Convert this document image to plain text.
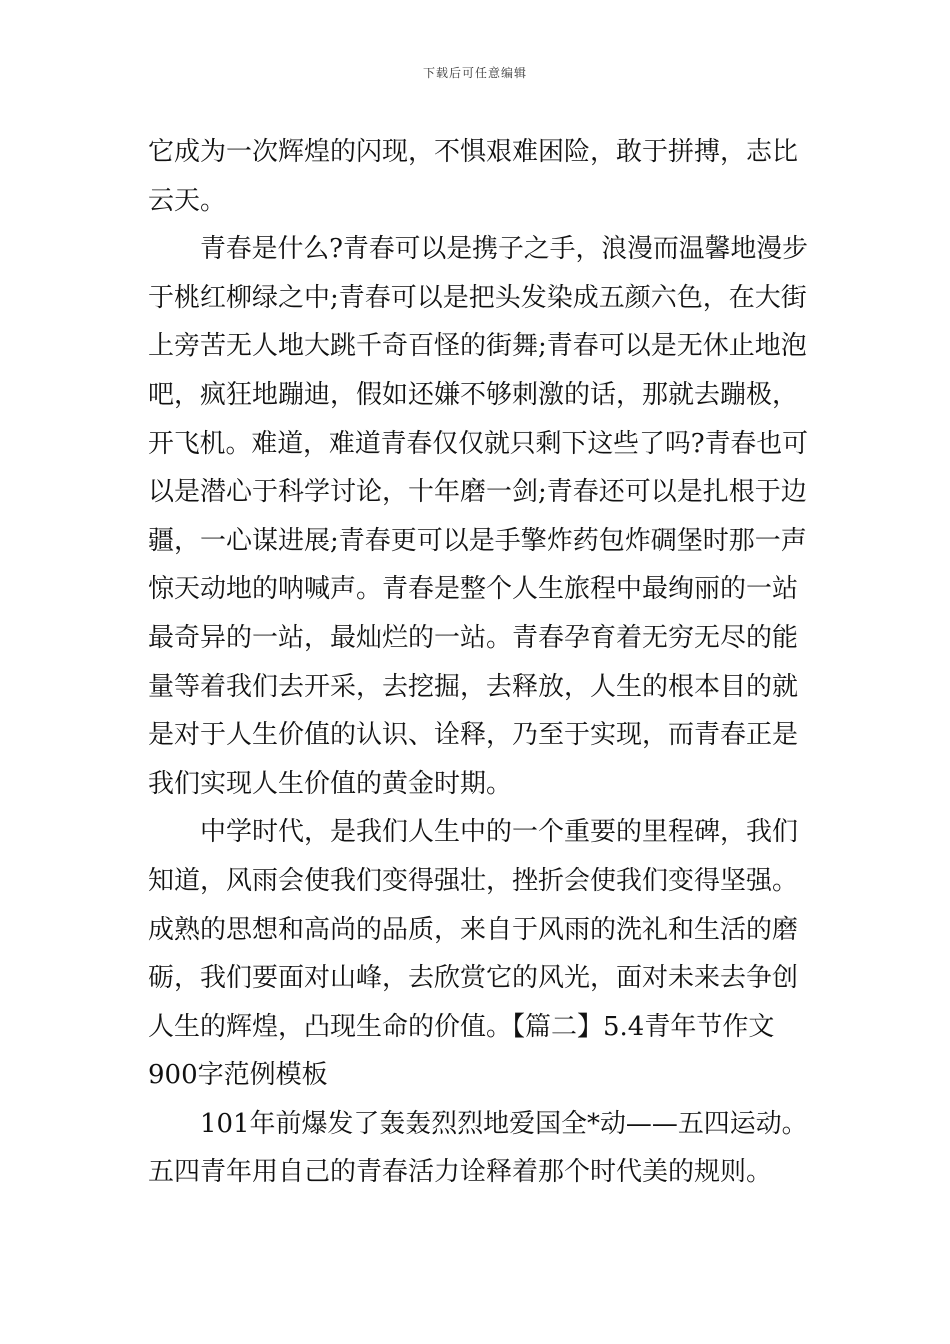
下载后可任意编辑
它成为一次辉煌的闪现，不惧艰难困险，敢于拼搏，志比
云天。
青春是什么?青春可以是携子之手，浪漫而温馨地漫步
于桃红柳绿之中;青春可以是把头发染成五颜六色，在大街
上旁苦无人地大跳千奇百怪的街舞;青春可以是无休止地泡
吧，疯狂地蹦迪，假如还嫌不够刺激的话，那就去蹦极，
开飞机。难道，难道青春仅仅就只剩下这些了吗?青春也可
以是潜心于科学讨论，十年磨一剑;青春还可以是扎根于边
疆，一心谋进展;青春更可以是手擎炸药包炸碉堡时那一声
惊天动地的呐喊声。青春是整个人生旅程中最绚丽的一站
最奇异的一站，最灿烂的一站。青春孕育着无穷无尽的能
量等着我们去开采，去挖掘，去释放，人生的根本目的就
是对于人生价值的认识、诠释，乃至于实现，而青春正是
我们实现人生价值的黄金时期。
中学时代，是我们人生中的一个重要的里程碑，我们
知道，风雨会使我们变得强壮，挫折会使我们变得坚强。
成熟的思想和高尚的品质，来自于风雨的洗礼和生活的磨
砺，我们要面对山峰，去欣赏它的风光，面对未来去争创
人生的辉煌，凸现生命的价值。【篇二】5.4青年节作文
900字范例模板
101年前爆发了轰轰烈烈地爱国全*动——五四运动。
五四青年用自己的青春活力诠释着那个时代美的规则。
